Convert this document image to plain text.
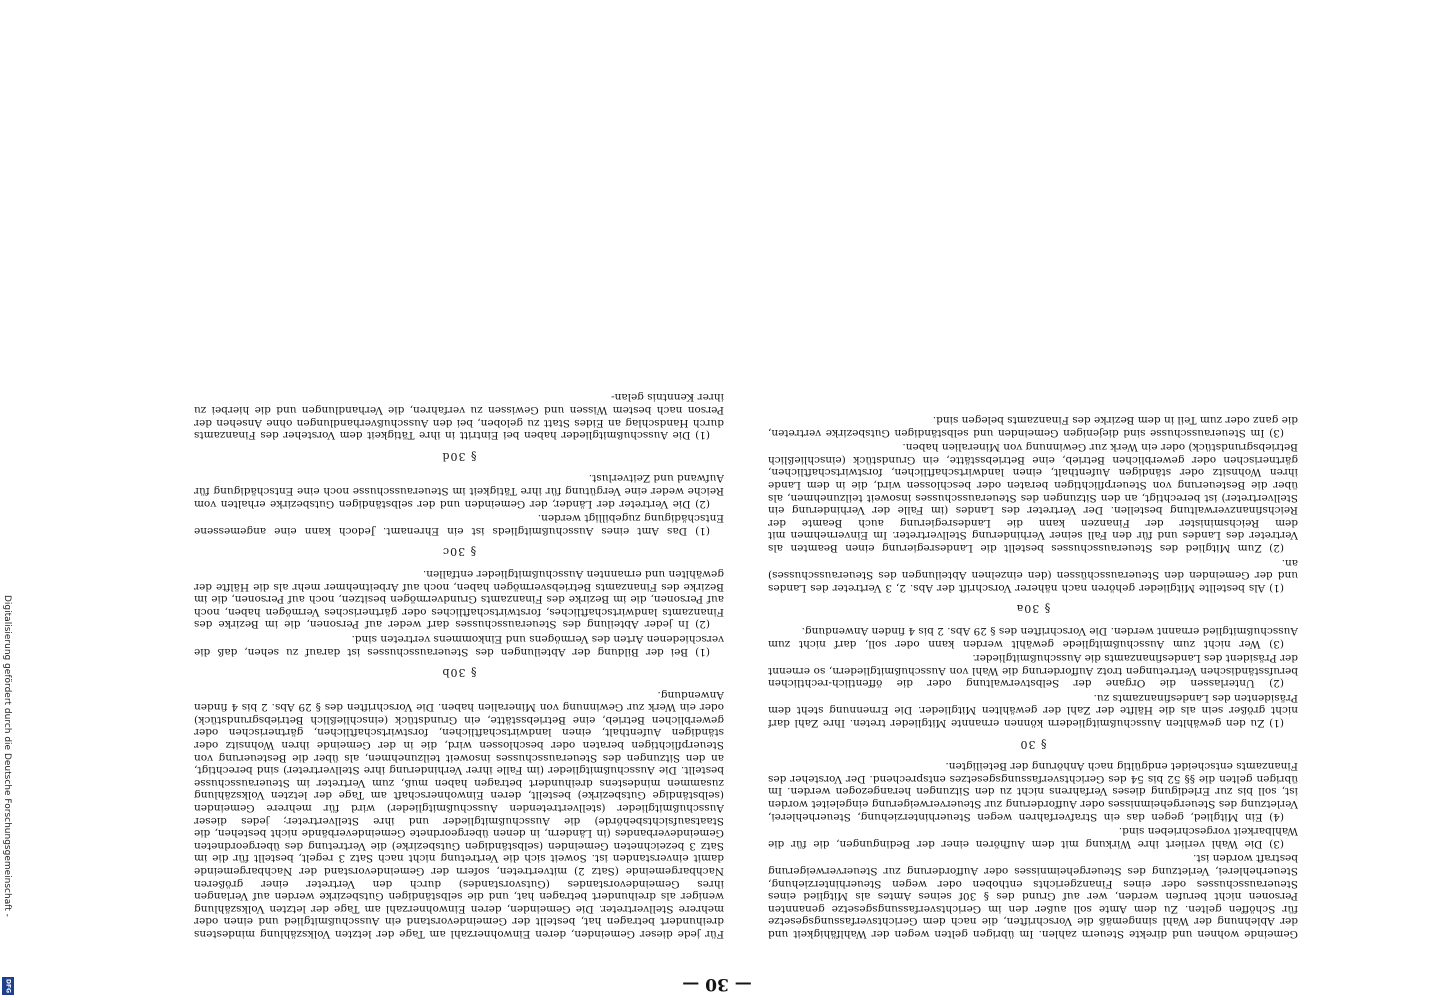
— 30 —

Gemeinde wohnen und direkte Steuern zahlen. Im übrigen gelten wegen der Wahlfähigkeit und der Ablehnung der Wahl sinngemäß die Vorschriften, die nach dem Gerichtsverfassungsgesetze für Schöffen gelten. Zu dem Amte soll außer den im Gerichtsverfassungsgesetze genannten Personen nicht berufen werden, wer auf Grund des § 30f seines Amtes als Mitglied eines Steuerausschusses oder eines Finanzgerichts enthoben oder wegen Steuerhinterziehung, Steuerhehlerei, Verletzung des Steuergeheimnisses oder Aufforderung zur Steuerverweigerung bestraft worden ist.

(3) Die Wahl verliert ihre Wirkung mit dem Aufhören einer der Bedingungen, die für die Wahlbarkeit vorgeschrieben sind.

(4) Ein Mitglied, gegen das ein Strafverfahren wegen Steuerhinterziehung, Steuerhehlerei, Verletzung des Steuergeheimnisses oder Aufforderung zur Steuerverweigerung eingeleitet worden ist, soll bis zur Erledigung dieses Verfahrens nicht zu den Sitzungen herangezogen werden. Im übrigen gelten die §§ 52 bis 54 des Gerichtsverfassungsgesetzes entsprechend. Der Vorsteher des Finanzamts entscheidet endgültig nach Anhörung der Beteiligten.

§ 30

(1) Zu den gewählten Ausschußmitgliedern können ernannte Mitglieder treten. Ihre Zahl darf nicht größer sein als die Hälfte der Zahl der gewählten Mitglieder. Die Ernennung steht dem Präsidenten des Landesfinanzamts zu.

(2) Unterlassen die Organe der Selbstverwaltung oder die öffentlich-rechtlichen berufsständischen Vertretungen trotz Aufforderung die Wahl von Ausschußmitgliedern, so ernennt der Präsident des Landesfinanzamts die Ausschußmitglieder.

(3) Wer nicht zum Ausschußmitgliede gewählt werden kann oder soll, darf nicht zum Ausschußmitglied ernannt werden. Die Vorschriften des § 29 Abs. 2 bis 4 finden Anwendung.

§ 30a

(1) Als bestellte Mitglieder gehören nach näherer Vorschrift der Abs. 2, 3 Vertreter des Landes und der Gemeinden den Steuerausschüssen (den einzelnen Abteilungen des Steuerausschusses) an.

(2) Zum Mitglied des Steuerausschusses bestellt die Landesregierung einen Beamten als Vertreter des Landes und für den Fall seiner Verhinderung Stellvertreter. Im Einvernehmen mit dem Reichsminister der Finanzen kann die Landesregierung auch Beamte der Reichsfinanzverwaltung bestellen. Der Vertreter des Landes (im Falle der Verhinderung ein Stellvertreter) ist berechtigt, an den Sitzungen des Steuerausschusses insoweit teilzunehmen, als über die Besteuerung von Steuerpflichtigen beraten oder beschlossen wird, die in dem Lande ihren Wohnsitz oder ständigen Aufenthalt, einen landwirtschaftlichen, forstwirtschaftlichen, gärtnerischen oder gewerblichen Betrieb, eine Betriebsstätte, ein Grundstück (einschließlich Betriebsgrundstück) oder ein Werk zur Gewinnung von Mineralien haben.

(3) Im Steuerausschusse sind diejenigen Gemeinden und selbständigen Gutsbezirke vertreten, die ganz oder zum Teil in dem Bezirke des Finanzamts belegen sind.

Für jede dieser Gemeinden, deren Einwohnerzahl am Tage der letzten Volkszählung mindestens dreihundert betragen hat, bestellt der Gemeindevorstand ein Ausschußmitglied und einen oder mehrere Stellvertreter. Die Gemeinden, deren Einwohnerzahl am Tage der letzten Volkszählung weniger als dreihundert betragen hat, und die selbständigen Gutsbezirke werden auf Verlangen ihres Gemeindevorstandes (Gutsvorstandes) durch den Vertreter einer größeren Nachbargemeinde (Satz 2) mitvertreten, sofern der Gemeindevorstand der Nachbargemeinde damit einverstanden ist. Soweit sich die Vertretung nicht nach Satz 3 regelt, bestellt für die im Satz 3 bezeichneten Gemeinden (selbständigen Gutsbezirke) die Vertretung des übergeordneten Gemeindeverbandes (in Ländern, in denen übergeordnete Gemeindeverbände nicht bestehen, die Staatsaufsichtsbehörde) die Ausschußmitglieder und ihre Stellvertreter; jedes dieser Ausschußmitglieder (stellvertretenden Ausschußmitglieder) wird für mehrere Gemeinden (selbständige Gutsbezirke) bestellt, deren Einwohnerschaft am Tage der letzten Volkszählung zusammen mindestens dreihundert betragen haben muß, zum Vertreter im Steuerausschusse bestellt. Die Ausschußmitglieder (im Falle ihrer Verhinderung ihre Stellvertreter) sind berechtigt, an den Sitzungen des Steuerausschusses insoweit teilzunehmen, als über die Besteuerung von Steuerpflichtigen beraten oder beschlossen wird, die in der Gemeinde ihren Wohnsitz oder ständigen Aufenthalt, einen landwirtschaftlichen, forstwirtschaftlichen, gärtnerischen oder gewerblichen Betrieb, eine Betriebsstätte, ein Grundstück (einschließlich Betriebsgrundstück) oder ein Werk zur Gewinnung von Mineralien haben. Die Vorschriften des § 29 Abs. 2 bis 4 finden Anwendung.

§ 30b

(1) Bei der Bildung der Abteilungen des Steuerausschusses ist darauf zu sehen, daß die verschiedenen Arten des Vermögens und Einkommens vertreten sind.

(2) In jeder Abteilung des Steuerausschusses darf weder auf Personen, die im Bezirke des Finanzamts landwirtschaftliches, forstwirtschaftliches oder gärtnerisches Vermögen haben, noch auf Personen, die im Bezirke des Finanzamts Grundvermögen besitzen, noch auf Personen, die im Bezirke des Finanzamts Betriebsvermögen haben, noch auf Arbeitnehmer mehr als die Hälfte der gewählten und ernannten Ausschußmitglieder entfallen.

§ 30c

(1) Das Amt eines Ausschußmitglieds ist ein Ehrenamt. Jedoch kann eine angemessene Entschädigung zugebilligt werden.

(2) Die Vertreter der Länder, der Gemeinden und der selbständigen Gutsbezirke erhalten vom Reiche weder eine Vergütung für ihre Tätigkeit im Steuerausschusse noch eine Entschädigung für Aufwand und Zeitverlust.

§ 30d

(1) Die Ausschußmitglieder haben bei Eintritt in ihre Tätigkeit dem Vorsteher des Finanzamts durch Handschlag an Eides Statt zu geloben, bei den Ausschußverhandlungen ohne Ansehen der Person nach bestem Wissen und Gewissen zu verfahren, die Verhandlungen und die hierbei zu ihrer Kenntnis gelan-

Digitalisierung gefördert durch die Deutsche Forschungsgemeinschaft -
DFG
